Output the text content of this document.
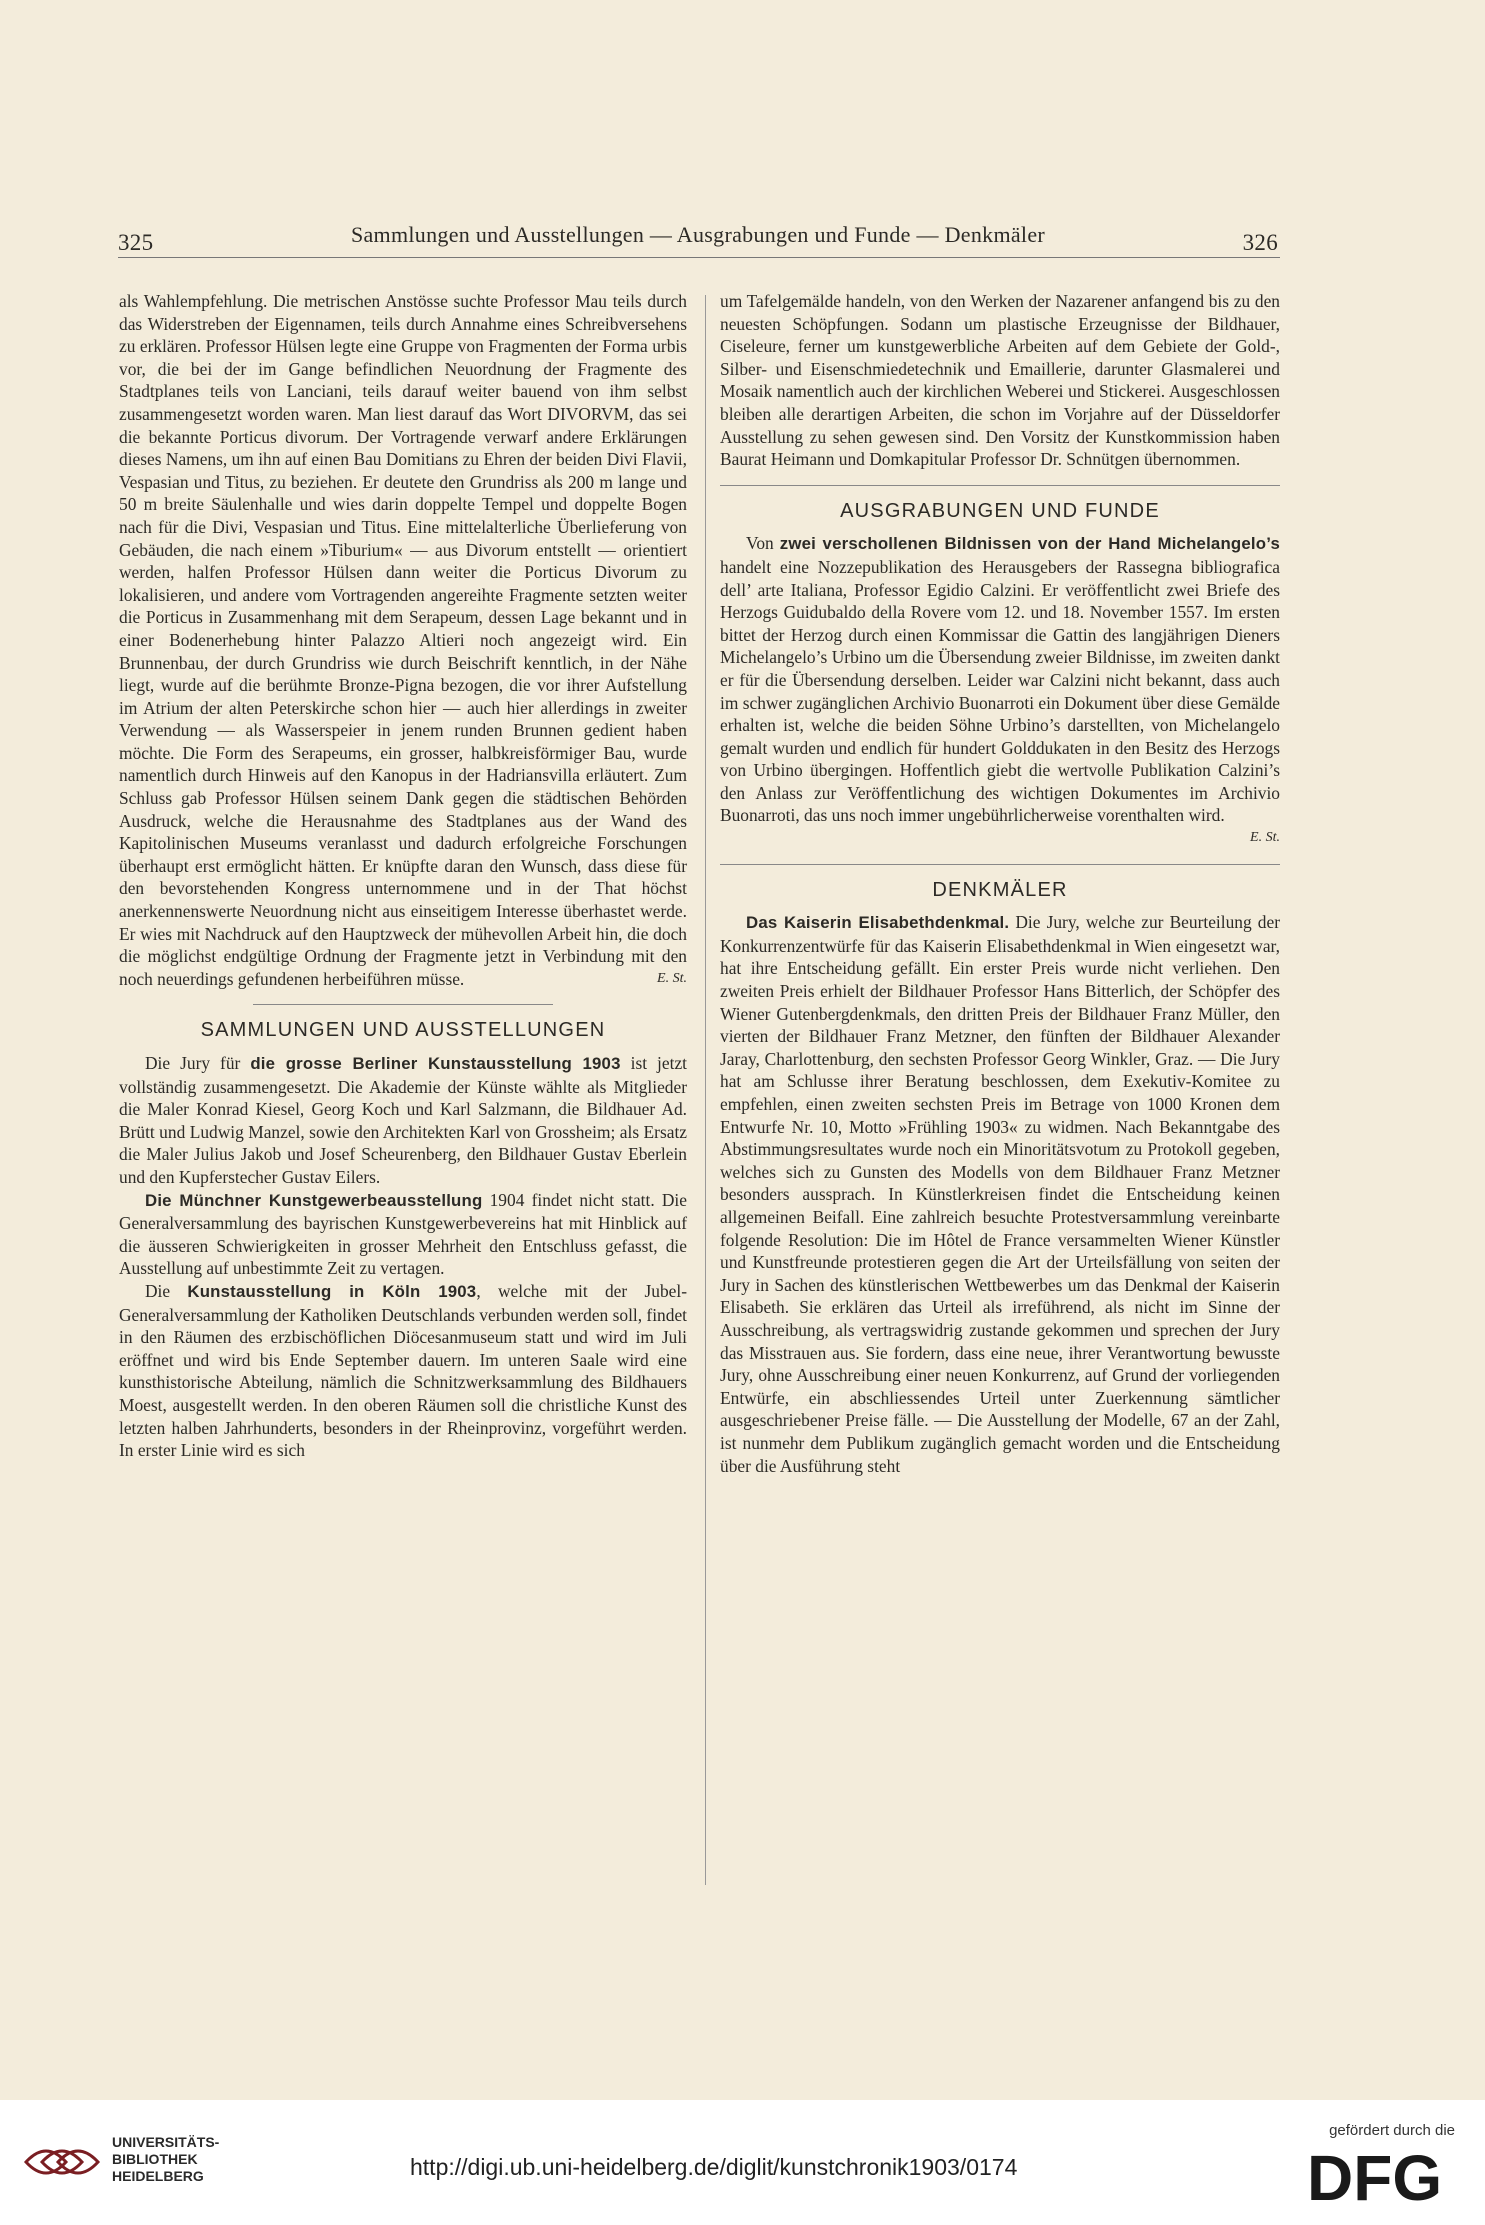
325	Sammlungen und Ausstellungen — Ausgrabungen und Funde — Denkmäler	326

als Wahlempfehlung. Die metrischen Anstösse suchte Professor Mau teils durch das Widerstreben der Eigennamen, teils durch Annahme eines Schreibversehens zu erklären. Professor Hülsen legte eine Gruppe von Fragmenten der Forma urbis vor, die bei der im Gange befindlichen Neuordnung der Fragmente des Stadtplanes teils von Lanciani, teils darauf weiter bauend von ihm selbst zusammengesetzt worden waren. Man liest darauf das Wort DIVORVM, das sei die bekannte Porticus divorum. Der Vortragende verwarf andere Erklärungen dieses Namens, um ihn auf einen Bau Domitians zu Ehren der beiden Divi Flavii, Vespasian und Titus, zu beziehen. Er deutete den Grundriss als 200 m lange und 50 m breite Säulenhalle und wies darin doppelte Tempel und doppelte Bogen nach für die Divi, Vespasian und Titus. Eine mittelalterliche Überlieferung von Gebäuden, die nach einem »Tiburium« — aus Divorum entstellt — orientiert werden, halfen Professor Hülsen dann weiter die Porticus Divorum zu lokalisieren, und andere vom Vortragenden angereihte Fragmente setzten weiter die Porticus in Zusammenhang mit dem Serapeum, dessen Lage bekannt und in einer Bodenerhebung hinter Palazzo Altieri noch angezeigt wird. Ein Brunnenbau, der durch Grundriss wie durch Beischrift kenntlich, in der Nähe liegt, wurde auf die berühmte Bronze-Pigna bezogen, die vor ihrer Aufstellung im Atrium der alten Peterskirche schon hier — auch hier allerdings in zweiter Verwendung — als Wasserspeier in jenem runden Brunnen gedient haben möchte. Die Form des Serapeums, ein grosser, halbkreisförmiger Bau, wurde namentlich durch Hinweis auf den Kanopus in der Hadriansvilla erläutert. Zum Schluss gab Professor Hülsen seinem Dank gegen die städtischen Behörden Ausdruck, welche die Herausnahme des Stadtplanes aus der Wand des Kapitolinischen Museums veranlasst und dadurch erfolgreiche Forschungen überhaupt erst ermöglicht hätten. Er knüpfte daran den Wunsch, dass diese für den bevorstehenden Kongress unternommene und in der That höchst anerkennenswerte Neuordnung nicht aus einseitigem Interesse überhastet werde. Er wies mit Nachdruck auf den Hauptzweck der mühevollen Arbeit hin, die doch die möglichst endgültige Ordnung der Fragmente jetzt in Verbindung mit den noch neuerdings gefundenen herbeiführen müsse.	E. St.

SAMMLUNGEN UND AUSSTELLUNGEN

Die Jury für die grosse Berliner Kunstausstellung 1903 ist jetzt vollständig zusammengesetzt. Die Akademie der Künste wählte als Mitglieder die Maler Konrad Kiesel, Georg Koch und Karl Salzmann, die Bildhauer Ad. Brütt und Ludwig Manzel, sowie den Architekten Karl von Grossheim; als Ersatz die Maler Julius Jakob und Josef Scheurenberg, den Bildhauer Gustav Eberlein und den Kupferstecher Gustav Eilers.

Die Münchner Kunstgewerbeausstellung 1904 findet nicht statt. Die Generalversammlung des bayrischen Kunstgewerbevereins hat mit Hinblick auf die äusseren Schwierigkeiten in grosser Mehrheit den Entschluss gefasst, die Ausstellung auf unbestimmte Zeit zu vertagen.

Die Kunstausstellung in Köln 1903, welche mit der Jubel-Generalversammlung der Katholiken Deutschlands verbunden werden soll, findet in den Räumen des erzbischöflichen Diöcesanmuseum statt und wird im Juli eröffnet und wird bis Ende September dauern. Im unteren Saale wird eine kunsthistorische Abteilung, nämlich die Schnitzwerksammlung des Bildhauers Moest, ausgestellt werden. In den oberen Räumen soll die christliche Kunst des letzten halben Jahrhunderts, besonders in der Rheinprovinz, vorgeführt werden. In erster Linie wird es sich

um Tafelgemälde handeln, von den Werken der Nazarener anfangend bis zu den neuesten Schöpfungen. Sodann um plastische Erzeugnisse der Bildhauer, Ciseleure, ferner um kunstgewerbliche Arbeiten auf dem Gebiete der Gold-, Silber- und Eisenschmiedetechnik und Emaillerie, darunter Glasmalerei und Mosaik namentlich auch der kirchlichen Weberei und Stickerei. Ausgeschlossen bleiben alle derartigen Arbeiten, die schon im Vorjahre auf der Düsseldorfer Ausstellung zu sehen gewesen sind. Den Vorsitz der Kunstkommission haben Baurat Heimann und Domkapitular Professor Dr. Schnütgen übernommen.

AUSGRABUNGEN UND FUNDE

Von zwei verschollenen Bildnissen von der Hand Michelangelo’s handelt eine Nozzepublikation des Herausgebers der Rassegna bibliografica dell’ arte Italiana, Professor Egidio Calzini. Er veröffentlicht zwei Briefe des Herzogs Guidubaldo della Rovere vom 12. und 18. November 1557. Im ersten bittet der Herzog durch einen Kommissar die Gattin des langjährigen Dieners Michelangelo’s Urbino um die Übersendung zweier Bildnisse, im zweiten dankt er für die Übersendung derselben. Leider war Calzini nicht bekannt, dass auch im schwer zugänglichen Archivio Buonarroti ein Dokument über diese Gemälde erhalten ist, welche die beiden Söhne Urbino’s darstellten, von Michelangelo gemalt wurden und endlich für hundert Golddukaten in den Besitz des Herzogs von Urbino übergingen. Hoffentlich giebt die wertvolle Publikation Calzini’s den Anlass zur Veröffentlichung des wichtigen Dokumentes im Archivio Buonarroti, das uns noch immer ungebührlicherweise vorenthalten wird.
E. St.

DENKMÄLER

Das Kaiserin Elisabethdenkmal. Die Jury, welche zur Beurteilung der Konkurrenzentwürfe für das Kaiserin Elisabethdenkmal in Wien eingesetzt war, hat ihre Entscheidung gefällt. Ein erster Preis wurde nicht verliehen. Den zweiten Preis erhielt der Bildhauer Professor Hans Bitterlich, der Schöpfer des Wiener Gutenbergdenkmals, den dritten Preis der Bildhauer Franz Müller, den vierten der Bildhauer Franz Metzner, den fünften der Bildhauer Alexander Jaray, Charlottenburg, den sechsten Professor Georg Winkler, Graz. — Die Jury hat am Schlusse ihrer Beratung beschlossen, dem Exekutiv-Komitee zu empfehlen, einen zweiten sechsten Preis im Betrage von 1000 Kronen dem Entwurfe Nr. 10, Motto »Frühling 1903« zu widmen. Nach Bekanntgabe des Abstimmungsresultates wurde noch ein Minoritätsvotum zu Protokoll gegeben, welches sich zu Gunsten des Modells von dem Bildhauer Franz Metzner besonders aussprach. In Künstlerkreisen findet die Entscheidung keinen allgemeinen Beifall. Eine zahlreich besuchte Protestversammlung vereinbarte folgende Resolution: Die im Hôtel de France versammelten Wiener Künstler und Kunstfreunde protestieren gegen die Art der Urteilsfällung von seiten der Jury in Sachen des künstlerischen Wettbewerbes um das Denkmal der Kaiserin Elisabeth. Sie erklären das Urteil als irreführend, als nicht im Sinne der Ausschreibung, als vertragswidrig zustande gekommen und sprechen der Jury das Misstrauen aus. Sie fordern, dass eine neue, ihrer Verantwortung bewusste Jury, ohne Ausschreibung einer neuen Konkurrenz, auf Grund der vorliegenden Entwürfe, ein abschliessendes Urteil unter Zuerkennung sämtlicher ausgeschriebener Preise fälle. — Die Ausstellung der Modelle, 67 an der Zahl, ist nunmehr dem Publikum zugänglich gemacht worden und die Entscheidung über die Ausführung steht

UNIVERSITÄTS-
BIBLIOTHEK
HEIDELBERG	http://digi.ub.uni-heidelberg.de/diglit/kunstchronik1903/0174
gefördert durch die
DFG
